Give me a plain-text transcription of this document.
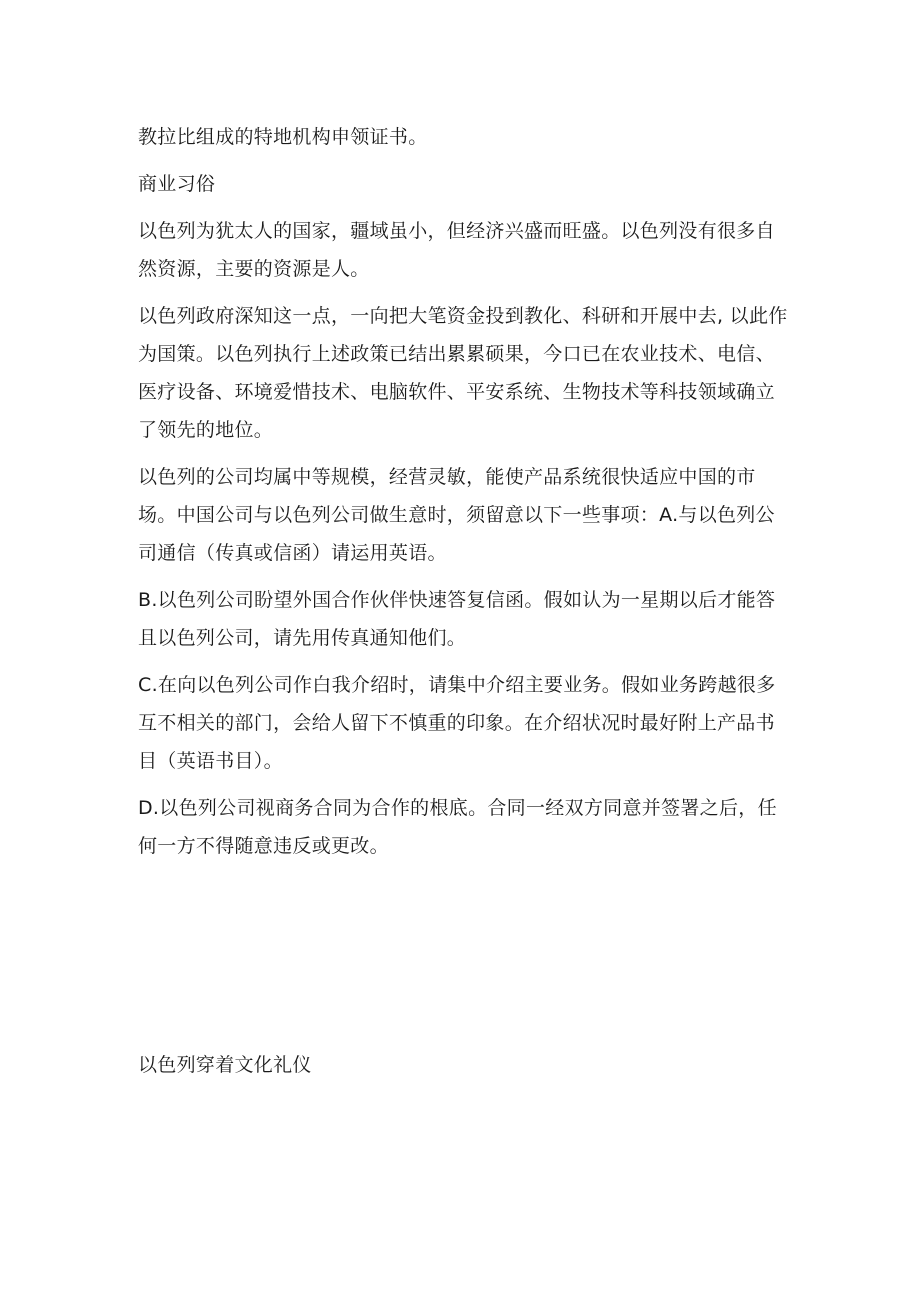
教拉比组成的特地机构申领证书。

商业习俗

以色列为犹太人的国家，疆域虽小，但经济兴盛而旺盛。以色列没有很多自然资源，主要的资源是人。

以色列政府深知这一点，一向把大笔资金投到教化、科研和开展中去, 以此作为国策。以色列执行上述政策已结出累累硕果，今口已在农业技术、电信、医疗设备、环境爱惜技术、电脑软件、平安系统、生物技术等科技领域确立了领先的地位。

以色列的公司均属中等规模，经营灵敏，能使产品系统很快适应中国的市场。中国公司与以色列公司做生意时，须留意以下一些事项：A.与以色列公司通信（传真或信函）请运用英语。

B.以色列公司盼望外国合作伙伴快速答复信函。假如认为一星期以后才能答且以色列公司，请先用传真通知他们。

C.在向以色列公司作白我介绍时，请集中介绍主要业务。假如业务跨越很多互不相关的部门，会给人留下不慎重的印象。在介绍状况时最好附上产品书目（英语书目）。

D.以色列公司视商务合同为合作的根底。合同一经双方同意并签署之后，任何一方不得随意违反或更改。

以色列穿着文化礼仪
